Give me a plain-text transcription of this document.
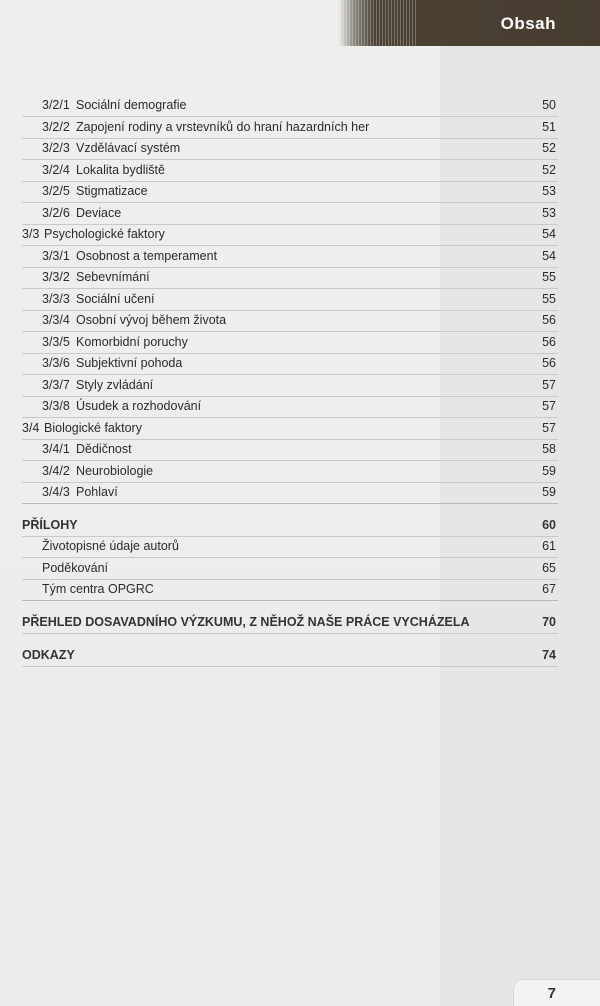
Obsah
3/2/1 Sociální demografie	50
3/2/2 Zapojení rodiny a vrstevníků do hraní hazardních her	51
3/2/3 Vzdělávací systém	52
3/2/4 Lokalita bydliště	52
3/2/5 Stigmatizace	53
3/2/6 Deviace	53
3/3 Psychologické faktory	54
3/3/1 Osobnost a temperament	54
3/3/2 Sebevnímání	55
3/3/3 Sociální učení	55
3/3/4 Osobní vývoj během života	56
3/3/5 Komorbidní poruchy	56
3/3/6 Subjektivní pohoda	56
3/3/7 Styly zvládání	57
3/3/8 Úsudek a rozhodování	57
3/4 Biologické faktory	57
3/4/1 Dědičnost	58
3/4/2 Neurobiologie	59
3/4/3 Pohlaví	59
PŘÍLOHY	60
Životopisné údaje autorů	61
Poděkování	65
Tým centra OPGRC	67
PŘEHLED DOSAVADNÍHO VÝZKUMU, Z NĚHOŽ NAŠE PRÁCE VYCHÁZELA	70
ODKAZY	74
7
